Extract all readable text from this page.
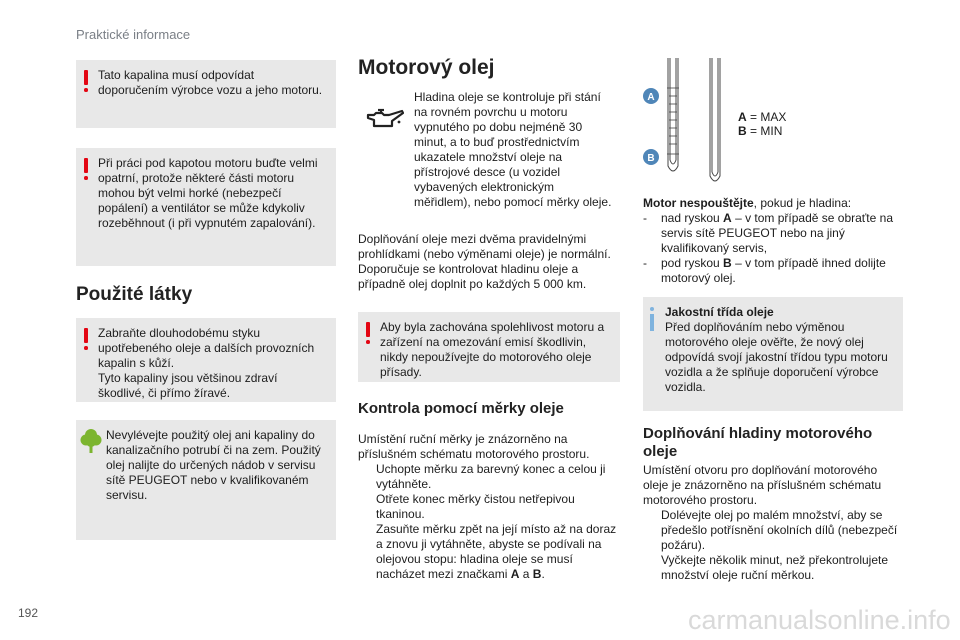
Praktické informace
192	carmanualsonline.info
Tato kapalina musí odpovídat doporučením výrobce vozu a jeho motoru.
Při práci pod kapotou motoru buďte velmi opatrní, protože některé části motoru mohou být velmi horké (nebezpečí popálení) a ventilátor se může kdykoliv rozeběhnout (i při vypnutém zapalování).
Použité látky
Zabraňte dlouhodobému styku upotřebeného oleje a dalších provozních kapalin s kůží.
Tyto kapaliny jsou většinou zdraví škodlivé, či přímo žíravé.
Nevylévejte použitý olej ani kapaliny do kanalizačního potrubí či na zem. Použitý olej nalijte do určených nádob v servisu sítě PEUGEOT nebo v kvalifikovaném servisu.
Motorový olej
Hladina oleje se kontroluje při stání na rovném povrchu u motoru vypnutého po dobu nejméně 30 minut, a to buď prostřednictvím ukazatele množství oleje na přístrojové desce (u vozidel vybavených elektronickým měřidlem), nebo pomocí měrky oleje.
Doplňování oleje mezi dvěma pravidelnými prohlídkami (nebo výměnami oleje) je normální. Doporučuje se kontrolovat hladinu oleje a případně olej doplnit po každých 5 000 km.
Aby byla zachována spolehlivost motoru a zařízení na omezování emisí škodlivin, nikdy nepoužívejte do motorového oleje přísady.
Kontrola pomocí měrky oleje
Umístění ruční měrky je znázorněno na příslušném schématu motorového prostoru.
Uchopte měrku za barevný konec a celou ji vytáhněte.
Otřete konec měrky čistou netřepivou tkaninou.
Zasuňte měrku zpět na její místo až na doraz a znovu ji vytáhněte, abyste se podívali na olejovou stopu: hladina oleje se musí nacházet mezi značkami A a B.
A
B
A = MAX
B = MIN
Motor nespouštějte, pokud je hladina:
- nad ryskou A – v tom případě se obraťte na servis sítě PEUGEOT nebo na jiný kvalifikovaný servis,
- pod ryskou B – v tom případě ihned dolijte motorový olej.
Jakostní třída oleje
Před doplňováním nebo výměnou motorového oleje ověřte, že nový olej odpovídá svojí jakostní třídou typu motoru vozidla a že splňuje doporučení výrobce vozidla.
Doplňování hladiny motorového oleje
Umístění otvoru pro doplňování motorového oleje je znázorněno na příslušném schématu motorového prostoru.
Dolévejte olej po malém množství, aby se předešlo potřísnění okolních dílů (nebezpečí požáru).
Vyčkejte několik minut, než překontrolujete množství oleje ruční měrkou.
